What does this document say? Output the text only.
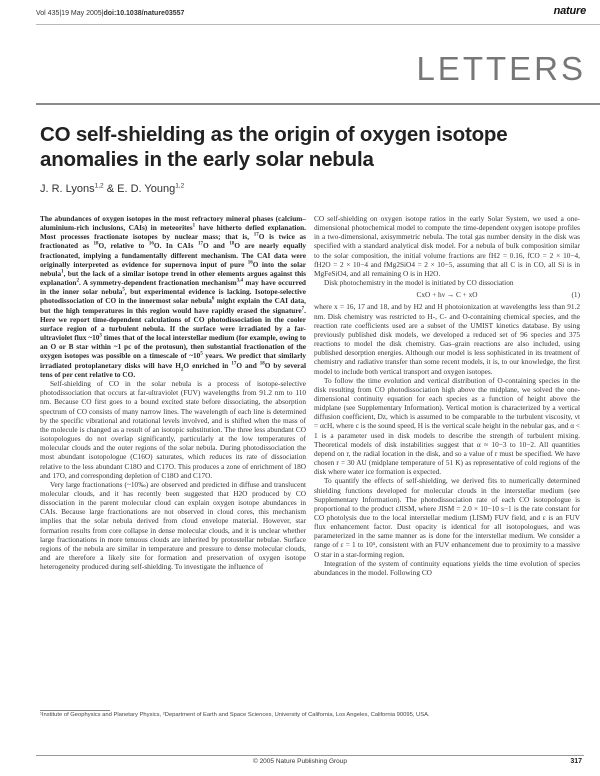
Vol 435|19 May 2005|doi:10.1038/nature03557	nature
LETTERS
CO self-shielding as the origin of oxygen isotope anomalies in the early solar nebula
J. R. Lyons$^{1,2}$ & E. D. Young$^{1,2}$

The abundances of oxygen isotopes in the most refractory mineral phases (calcium–aluminium-rich inclusions, CAIs) in meteorites$^1$ have hitherto defied explanation. Most processes fractionate isotopes by nuclear mass; that is, $^{17}$O is twice as fractionated as $^{18}$O, relative to $^{16}$O. In CAIs $^{17}$O and $^{18}$O are nearly equally fractionated, implying a fundamentally different mechanism. The CAI data were originally interpreted as evidence for supernova input of pure $^{16}$O into the solar nebula$^1$, but the lack of a similar isotope trend in other elements argues against this explanation$^2$. A symmetry-dependent fractionation mechanism$^{3,4}$ may have occurred in the inner solar nebula$^5$, but experimental evidence is lacking. Isotope-selective photodissociation of CO in the innermost solar nebula$^6$ might explain the CAI data, but the high temperatures in this region would have rapidly erased the signature$^7$. Here we report time-dependent calculations of CO photodissociation in the cooler surface region of a turbulent nebula. If the surface were irradiated by a far-ultraviolet flux $\sim 10^3$ times that of the local interstellar medium (for example, owing to an O or B star within ~1 pc of the protosun), then substantial fractionation of the oxygen isotopes was possible on a timescale of $\sim 10^5$ years. We predict that similarly irradiated protoplanetary disks will have $H_2O$ enriched in $^{17}$O and $^{18}$O by several tens of per cent relative to CO.

Self-shielding of CO in the solar nebula is a process of isotope-selective photodissociation that occurs at far-ultraviolet (FUV) wavelengths from 91.2 nm to 110 nm. Because CO first goes to a bound excited state before dissociating, the absorption spectrum of CO consists of many narrow lines. The wavelength of each line is determined by the specific vibrational and rotational levels involved, and is shifted when the mass of the molecule is changed as a result of an isotopic substitution. The three less abundant CO isotopologues do not overlap significantly, particularly at the low temperatures of molecular clouds and the outer regions of the solar nebula. During photodissociation the most abundant isotopologue (C16O) saturates, which reduces its rate of dissociation relative to the less abundant C18O and C17O. This produces a zone of enrichment of 18O and 17O, and corresponding depletion of C18O and C17O.

Very large fractionations (~10‰) are observed and predicted in diffuse and translucent molecular clouds, and it has recently been suggested that H2O produced by CO dissociation in the parent molecular cloud can explain oxygen isotope abundances in CAIs. Because large fractionations are not observed in cloud cores, this mechanism implies that the solar nebula derived from cloud envelope material. However, star formation results from core collapse in dense molecular clouds, and it is unclear whether large fractionations in more tenuous clouds are inherited by protostellar nebulae. Surface regions of the nebula are similar in temperature and pressure to dense molecular clouds, and are therefore a likely site for formation and preservation of oxygen isotope heterogeneity produced during self-shielding. To investigate the influence of

CO self-shielding on oxygen isotope ratios in the early Solar System, we used a one-dimensional photochemical model to compute the time-dependent oxygen isotope profiles in a two-dimensional, axisymmetric nebula. The total gas number density in the disk was specified with a standard analytical disk model. For a nebula of bulk composition similar to the solar composition, the initial volume fractions are fH2 = 0.16, fCO = 2 × 10−4, fH2O = 2 × 10−4 and fMg2SiO4 = 2 × 10−5, assuming that all C is in CO, all Si is in MgFeSiO4, and all remaining O is in H2O.

Disk photochemistry in the model is initiated by CO dissociation

CxO + hν → C + xO	(1)

where x = 16, 17 and 18, and by H2 and H photoionization at wavelengths less than 91.2 nm. Disk chemistry was restricted to H-, C- and O-containing chemical species, and the reaction rate coefficients used are a subset of the UMIST kinetics database. By using previously published disk models, we developed a reduced set of 96 species and 375 reactions to model the disk chemistry. Gas–grain reactions are also included, using published desorption energies. Although our model is less sophisticated in its treatment of chemistry and radiative transfer than some recent models, it is, to our knowledge, the first model to include both vertical transport and oxygen isotopes.

To follow the time evolution and vertical distribution of O-containing species in the disk resulting from CO photodissociation high above the midplane, we solved the one-dimensional continuity equation for each species as a function of height above the midplane (see Supplementary Information). Vertical motion is characterized by a vertical diffusion coefficient, Dz, which is assumed to be comparable to the turbulent viscosity, νt = αcH, where c is the sound speed, H is the vertical scale height in the nebular gas, and α < 1 is a parameter used in disk models to describe the strength of turbulent mixing. Theoretical models of disk instabilities suggest that α ≈ 10−3 to 10−2. All quantities depend on r, the radial location in the disk, and so a value of r must be specified. We have chosen r = 30 AU (midplane temperature of 51 K) as representative of cold regions of the disk where water ice formation is expected.

To quantify the effects of self-shielding, we derived fits to numerically determined shielding functions developed for molecular clouds in the interstellar medium (see Supplementary Information). The photodissociation rate of each CO isotopologue is proportional to the product εJISM, where JISM = 2.0 × 10−10 s−1 is the rate constant for CO photolysis due to the local interstellar medium (LISM) FUV field, and ε is an FUV flux enhancement factor. Dust opacity is identical for all isotopologues, and was parameterized in the same manner as is done for the interstellar medium. We consider a range of ε = 1 to 10⁵, consistent with an FUV enhancement due to proximity to a massive O star in a star-forming region.

Integration of the system of continuity equations yields the time evolution of species abundances in the model. Following CO

¹Institute of Geophysics and Planetary Physics, ²Department of Earth and Space Sciences, University of California, Los Angeles, California 90095, USA.
© 2005 Nature Publishing Group	317
